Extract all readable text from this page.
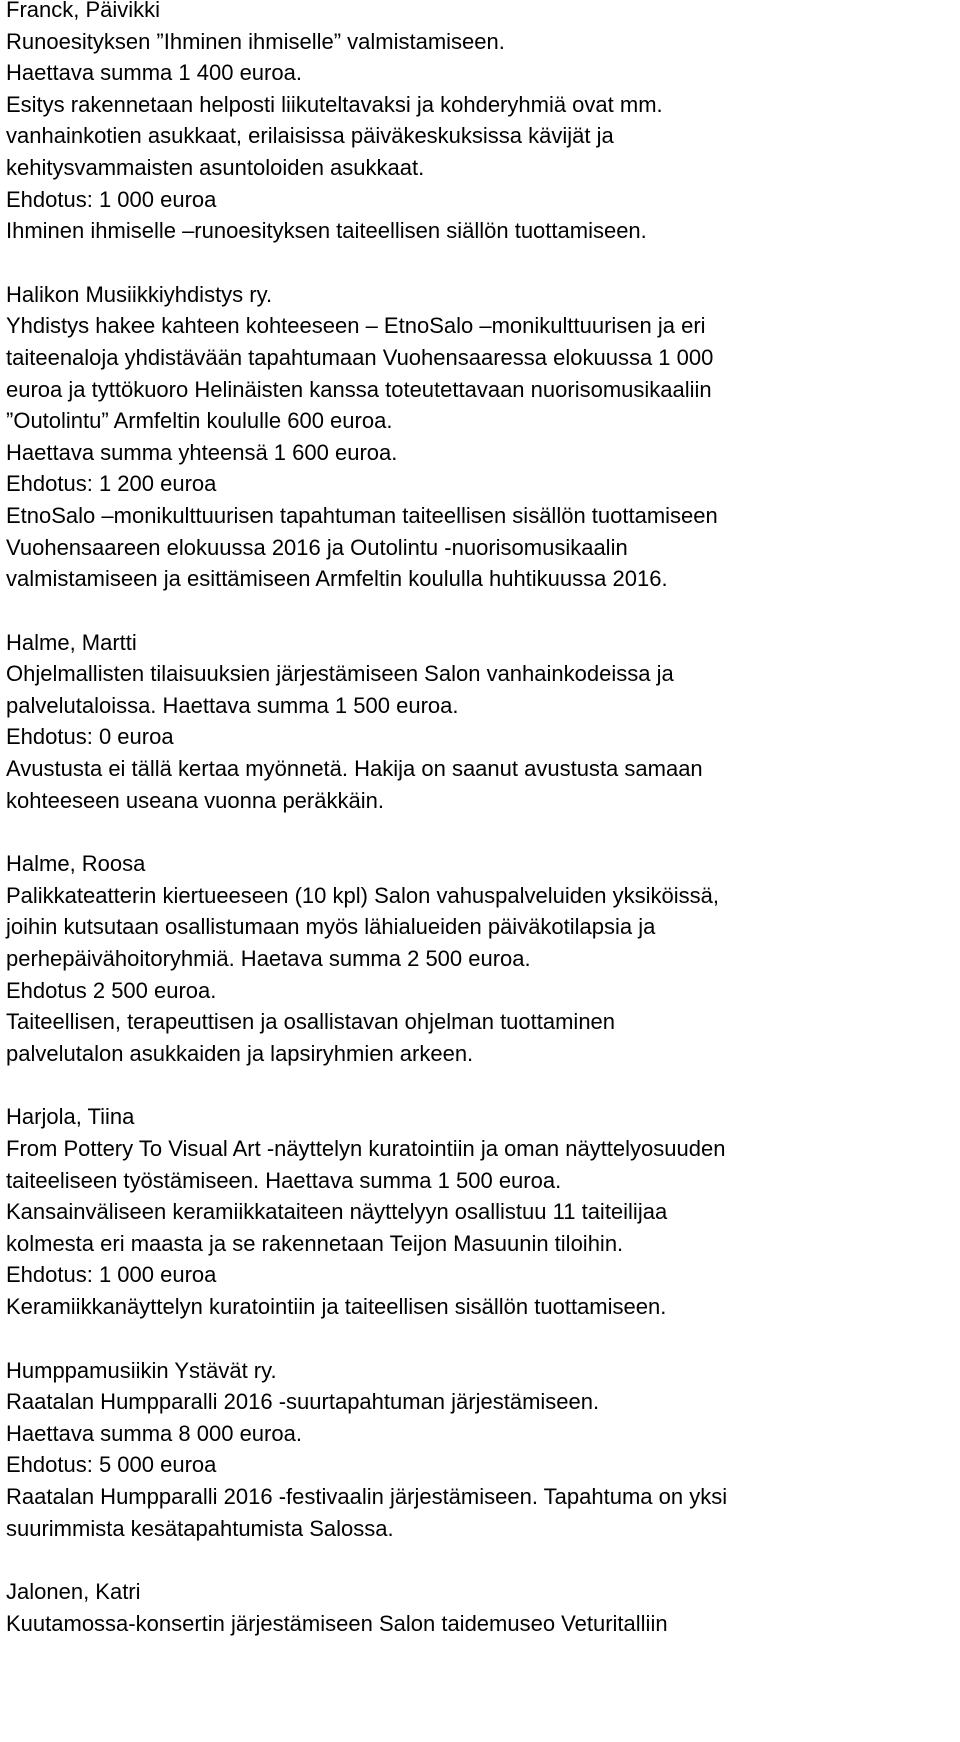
Franck, Päivikki
Runoesityksen ”Ihminen ihmiselle” valmistamiseen.
Haettava summa 1 400 euroa.
Esitys rakennetaan helposti liikuteltavaksi ja kohderyhmiä ovat mm.
vanhainkotien asukkaat, erilaisissa päiväkeskuksissa kävijät ja
kehitysvammaisten asuntoloiden asukkaat.
Ehdotus: 1 000 euroa
Ihminen ihmiselle –runoesityksen taiteellisen siällön tuottamiseen.
Halikon Musiikkiyhdistys ry.
Yhdistys hakee kahteen kohteeseen – EtnoSalo –monikulttuurisen ja eri
taiteenaloja yhdistävään tapahtumaan Vuohensaaressa elokuussa 1 000
euroa ja tyttökuoro Helinäisten kanssa toteutettavaan nuorisomusikaaliin
”Outolintu” Armfeltin koululle 600 euroa.
Haettava summa yhteensä 1 600 euroa.
Ehdotus: 1 200 euroa
EtnoSalo –monikulttuurisen tapahtuman taiteellisen sisällön tuottamiseen
Vuohensaareen elokuussa 2016 ja Outolintu -nuorisomusikaalin
valmistamiseen ja esittämiseen Armfeltin koululla huhtikuussa 2016.
Halme, Martti
Ohjelmallisten tilaisuuksien järjestämiseen Salon vanhainkodeissa ja
palvelutaloissa. Haettava summa 1 500 euroa.
Ehdotus: 0 euroa
Avustusta ei tällä kertaa myönnetä. Hakija on saanut avustusta samaan
kohteeseen useana vuonna peräkkäin.
Halme, Roosa
Palikkateatterin kiertueeseen (10 kpl) Salon vahuspalveluiden yksiköissä,
joihin kutsutaan osallistumaan myös lähialueiden päiväkotilapsia ja
perhepäivähoitoryhmiä. Haetava summa 2 500 euroa.
Ehdotus 2 500 euroa.
Taiteellisen, terapeuttisen ja osallistavan ohjelman tuottaminen
palvelutalon asukkaiden ja lapsiryhmien arkeen.
Harjola, Tiina
From Pottery To Visual Art -näyttelyn kuratointiin ja oman näyttelyosuuden
taiteeliseen työstämiseen. Haettava summa 1 500 euroa.
Kansainväliseen keramiikkataiteen näyttelyyn osallistuu 11 taiteilijaa
kolmesta eri maasta ja se rakennetaan Teijon Masuunin tiloihin.
Ehdotus: 1 000 euroa
Keramiikkanäyttelyn kuratointiin ja taiteellisen sisällön tuottamiseen.
Humppamusiikin Ystävät ry.
Raatalan Humpparalli 2016 -suurtapahtuman järjestämiseen.
Haettava summa 8 000 euroa.
Ehdotus: 5 000 euroa
Raatalan Humpparalli 2016 -festivaalin järjestämiseen. Tapahtuma on yksi
suurimmista kesätapahtumista Salossa.
Jalonen, Katri
Kuutamossa-konsertin järjestämiseen Salon taidemuseo Veturitalliin
